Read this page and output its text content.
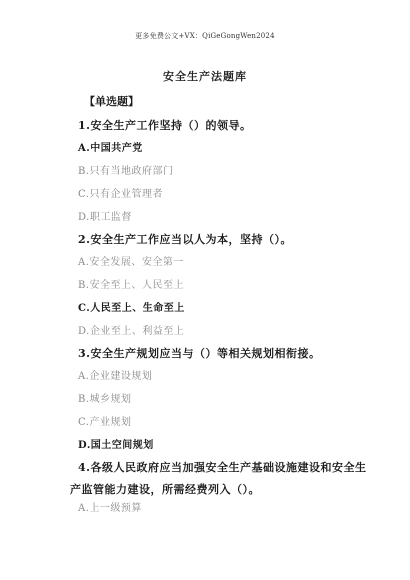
更多免费公文+VX：QiGeGongWen2024
安全生产法题库
【单选题】
1.安全生产工作坚持（）的领导。
A.中国共产党
B.只有当地政府部门
C.只有企业管理者
D.职工监督
2.安全生产工作应当以人为本，坚持（）。
A.安全发展、安全第一
B.安全至上、人民至上
C.人民至上、生命至上
D.企业至上、利益至上
3.安全生产规划应当与（）等相关规划相衔接。
A.企业建设规划
B.城乡规划
C.产业规划
D.国土空间规划
4.各级人民政府应当加强安全生产基础设施建设和安全生产监管能力建设，所需经费列入（）。
A.上一级预算
